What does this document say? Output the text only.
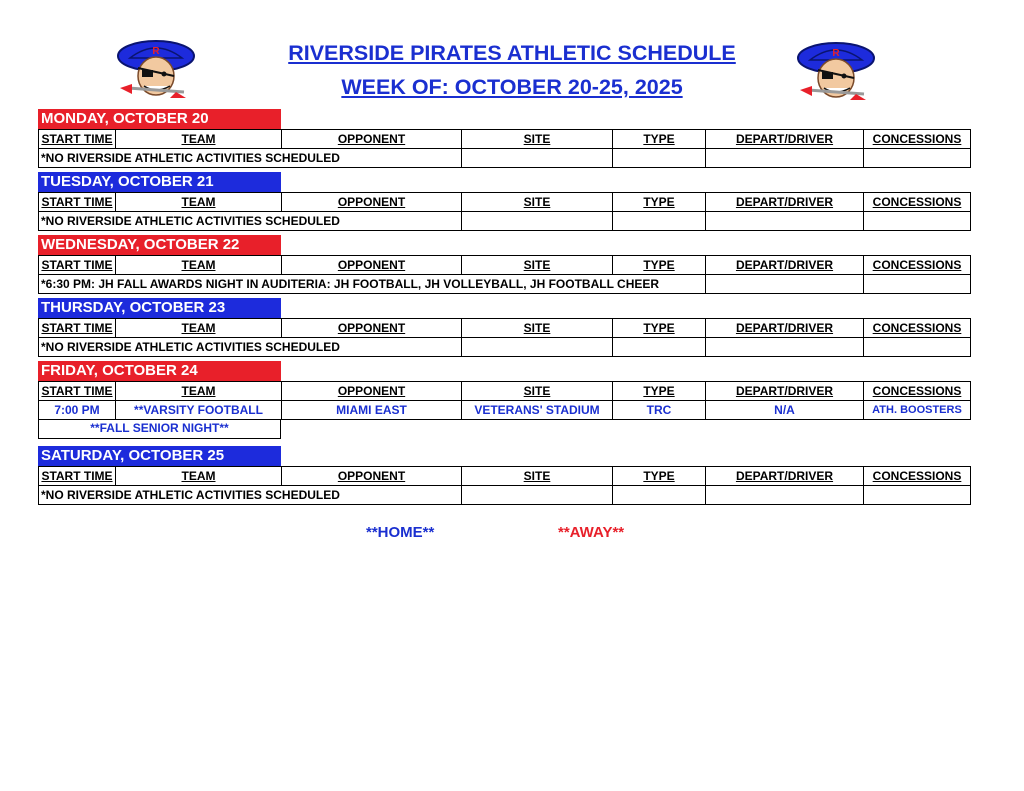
RIVERSIDE PIRATES ATHLETIC SCHEDULE
WEEK OF: OCTOBER 20-25, 2025
R	R
MONDAY, OCTOBER 20
START TIME	TEAM	OPPONENT	SITE	TYPE	DEPART/DRIVER	CONCESSIONS
*NO RIVERSIDE ATHLETIC ACTIVITIES SCHEDULED						
TUESDAY, OCTOBER 21
START TIME	TEAM	OPPONENT	SITE	TYPE	DEPART/DRIVER	CONCESSIONS
*NO RIVERSIDE ATHLETIC ACTIVITIES SCHEDULED						
WEDNESDAY, OCTOBER 22
START TIME	TEAM	OPPONENT	SITE	TYPE	DEPART/DRIVER	CONCESSIONS
*6:30 PM: JH FALL AWARDS NIGHT IN AUDITERIA: JH FOOTBALL, JH VOLLEYBALL, JH FOOTBALL CHEER						
THURSDAY, OCTOBER 23
START TIME	TEAM	OPPONENT	SITE	TYPE	DEPART/DRIVER	CONCESSIONS
*NO RIVERSIDE ATHLETIC ACTIVITIES SCHEDULED						
FRIDAY, OCTOBER 24
START TIME	TEAM	OPPONENT	SITE	TYPE	DEPART/DRIVER	CONCESSIONS
7:00 PM	**VARSITY FOOTBALL	MIAMI EAST	VETERANS' STADIUM	TRC	N/A	ATH. BOOSTERS
**FALL SENIOR NIGHT**
SATURDAY, OCTOBER 25
START TIME	TEAM	OPPONENT	SITE	TYPE	DEPART/DRIVER	CONCESSIONS
*NO RIVERSIDE ATHLETIC ACTIVITIES SCHEDULED						
**HOME**	**AWAY**
